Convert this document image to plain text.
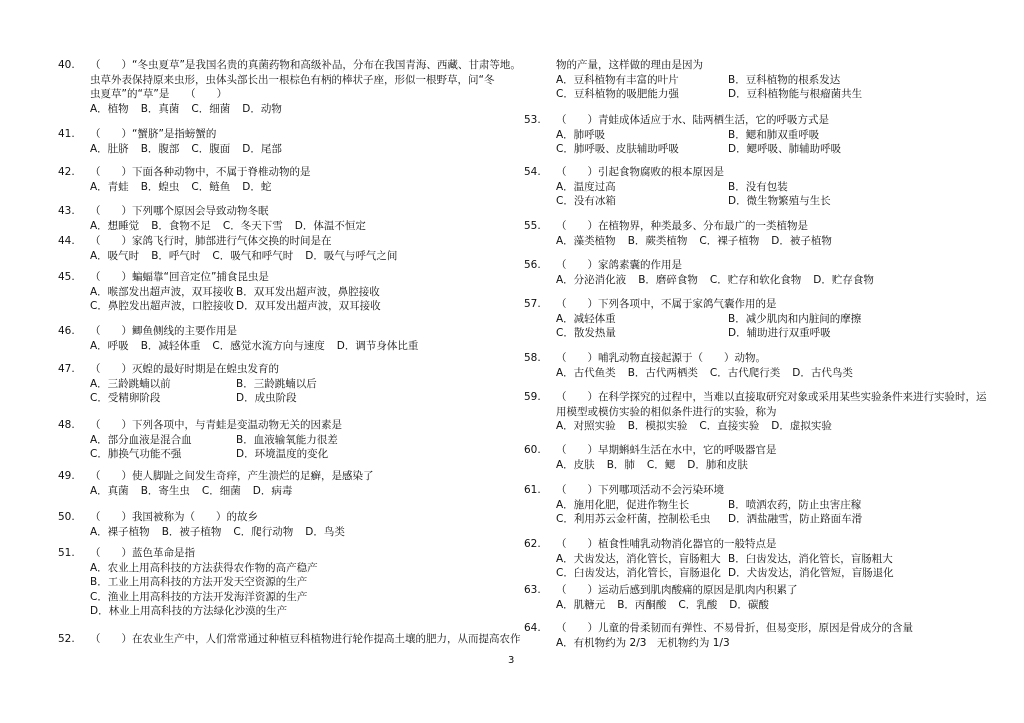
40. （　　）“冬虫夏草”是我国名贵的真菌药物和高级补品，分布在我国青海、西藏、甘肃等地。
虫草外表保持原来虫形，虫体头部长出一根棕色有柄的棒状子座，形似一根野草，问“冬
虫夏草”的“草”是　　（　　）
A．植物 B．真菌 C．细菌 D．动物
41. （　　）“蟹脐”是指螃蟹的
A．肚脐 B．腹部 C．腹面 D．尾部
42. （　　）下面各种动物中，不属于脊椎动物的是
A．青蛙 B．蝗虫 C．鲢鱼 D．蛇
43. （　　）下列哪个原因会导致动物冬眠
A．想睡觉 B．食物不足 C．冬天下雪 D．体温不恒定
44. （　　）家鸽飞行时，肺部进行气体交换的时间是在
A．吸气时 B．呼气时 C．吸气和呼气时 D．吸气与呼气之间
45. （　　）蝙蝠靠“回音定位”捕食昆虫是
A．喉部发出超声波，双耳接收 B．双耳发出超声波，鼻腔接收
C．鼻腔发出超声波，口腔接收 D．双耳发出超声波，双耳接收
46. （　　）鲫鱼侧线的主要作用是
A．呼吸 B．减轻体重 C．感觉水流方向与速度 D．调节身体比重
47. （　　）灭蝗的最好时期是在蝗虫发育的
A．三龄跳蝻以前	B．三龄跳蝻以后
C．受精卵阶段	D．成虫阶段
48. （　　）下列各项中，与青蛙是变温动物无关的因素是
A．部分血液是混合血	B．血液输氧能力很差
C．肺换气功能不强	D．环境温度的变化
49. （　　）使人脚趾之间发生奇痒，产生溃烂的足癣，是感染了
A．真菌 B．寄生虫 C．细菌 D．病毒
50. （　　）我国被称为（　　）的故乡
A．裸子植物 B．被子植物 C．爬行动物 D．鸟类
51. （　　）蓝色革命是指
A．农业上用高科技的方法获得农作物的高产稳产
B．工业上用高科技的方法开发天空资源的生产
C．渔业上用高科技的方法开发海洋资源的生产
D．林业上用高科技的方法绿化沙漠的生产
52. （　　）在农业生产中，人们常常通过种植豆科植物进行轮作提高土壤的肥力，从而提高农作
物的产量，这样做的理由是因为
A．豆科植物有丰富的叶片	B．豆科植物的根系发达
C．豆科植物的吸肥能力强	D．豆科植物能与根瘤菌共生
53. （　　）青蛙成体适应于水、陆两栖生活，它的呼吸方式是
A．肺呼吸	B．鳃和肺双重呼吸
C．肺呼吸、皮肤辅助呼吸	D．鳃呼吸、肺辅助呼吸
54. （　　）引起食物腐败的根本原因是
A．温度过高	B．没有包装
C．没有冰箱	D．微生物繁殖与生长
55. （　　）在植物界，种类最多、分布最广的一类植物是
A．藻类植物 B．蕨类植物 C．裸子植物 D．被子植物
56. （　　）家鸽素囊的作用是
A．分泌消化液 B．磨碎食物 C．贮存和软化食物 D．贮存食物
57. （　　）下列各项中，不属于家鸽气囊作用的是
A．减轻体重	B．减少肌肉和内脏间的摩擦
C．散发热量	D．辅助进行双重呼吸
58. （　　）哺乳动物直接起源于（　　）动物。
A．古代鱼类 B．古代两栖类 C．古代爬行类 D．古代鸟类
59. （　　）在科学探究的过程中，当难以直接取研究对象或采用某些实验条件来进行实验时，运
用模型或模仿实验的相似条件进行的实验，称为
A．对照实验 B．模拟实验 C．直接实验 D．虚拟实验
60. （　　）早期蝌蚪生活在水中，它的呼吸器官是
A．皮肤 B．肺 C．鳃 D．肺和皮肤
61. （　　）下列哪项活动不会污染环境
A．施用化肥，促进作物生长	B．喷洒农药，防止虫害庄稼
C．利用苏云金杆菌，控制松毛虫 D．洒盐融雪，防止路面车滑
62. （　　）植食性哺乳动物消化器官的一般特点是
A．犬齿发达，消化管长，盲肠粗大 B．臼齿发达，消化管长，盲肠粗大
C．臼齿发达，消化管长，盲肠退化 D．犬齿发达，消化管短，盲肠退化
63. （　　）运动后感到肌肉酸痛的原因是肌肉内积累了
A．肌糖元 B．丙酮酸 C．乳酸 D．碳酸
64. （　　）儿童的骨柔韧而有弹性、不易骨折，但易变形，原因是骨成分的含量
A．有机物约为 2/3　无机物约为 1/3
3
